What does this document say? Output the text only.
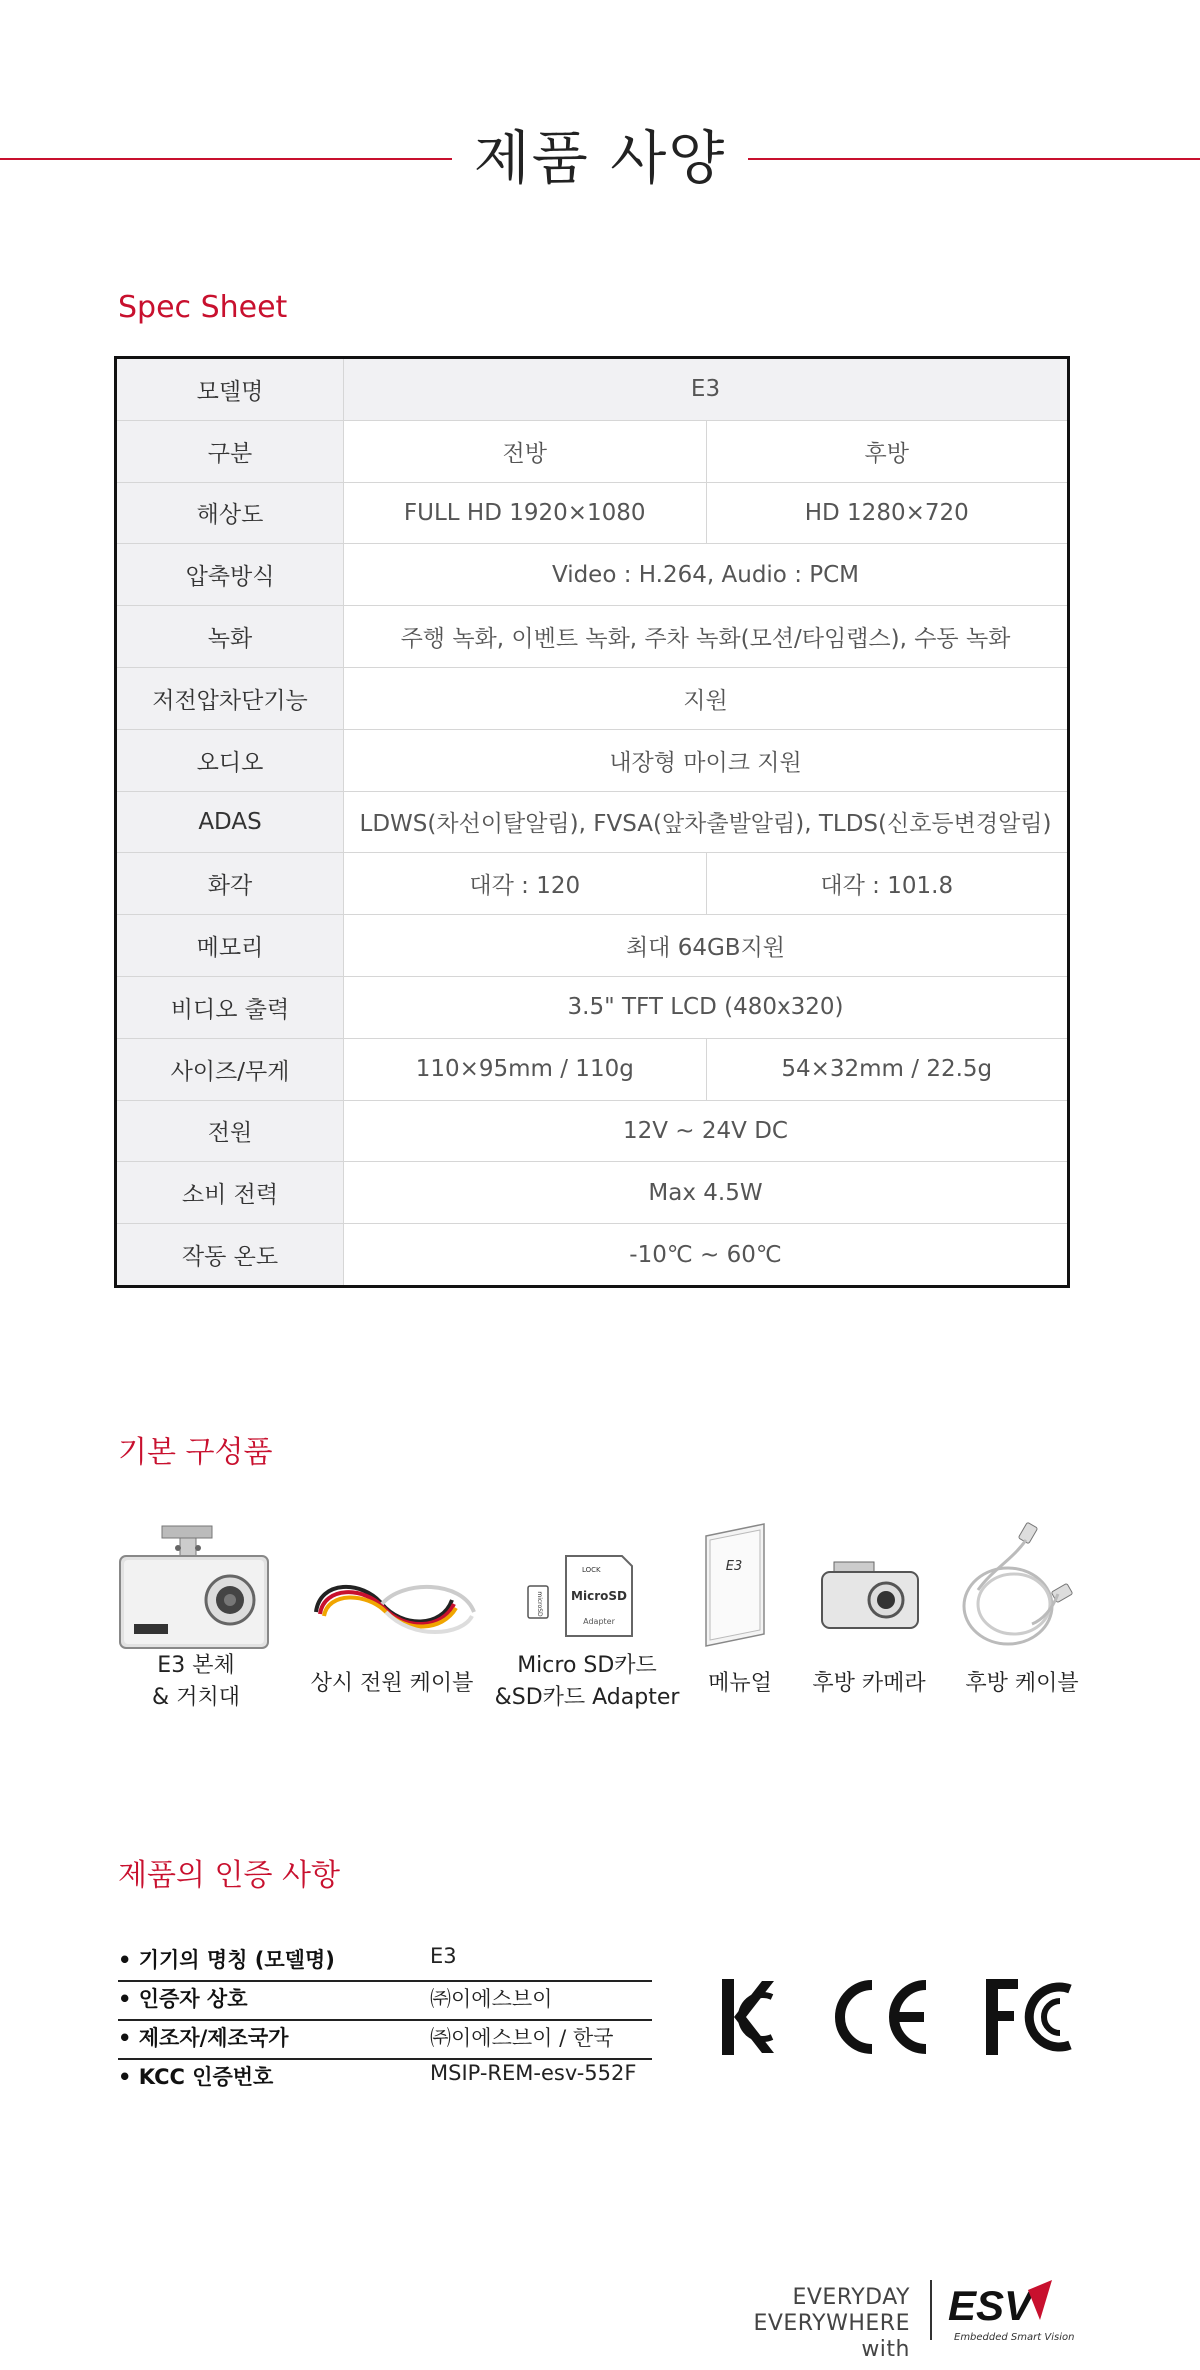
제품 사양
Spec Sheet
모델명	E3	
구분	전방	후방
해상도	FULL HD 1920×1080	HD 1280×720
압축방식	Video : H.264, Audio : PCM	
녹화	주행 녹화, 이벤트 녹화, 주차 녹화(모션/타임랩스), 수동 녹화	
저전압차단기능	지원	
오디오	내장형 마이크 지원	
ADAS	LDWS(차선이탈알림), FVSA(앞차출발알림), TLDS(신호등변경알림)	
화각	대각 : 120	대각 : 101.8
메모리	최대 64GB지원	
비디오 출력	3.5" TFT LCD (480x320)	
사이즈/무게	110×95mm / 110g	54×32mm / 22.5g
전원	12V ~ 24V DC	
소비 전력	Max 4.5W	
작동 온도	-10℃ ~ 60℃	
기본 구성품
E3 본체
& 거치대
상시 전원 케이블
microSD
LOCK
MicroSD
Adapter
Micro SD카드
&SD카드 Adapter
E3
메뉴얼	후방 카메라	후방 케이블
제품의 인증 사항
• 기기의 명칭 (모델명)	E3
• 인증자 상호	㈜이에스브이
• 제조자/제조국가	㈜이에스브이 / 한국
• KCC 인증번호	MSIP-REM-esv-552F
EVERYDAY
EVERYWHERE with
ESV
Embedded Smart Vision
